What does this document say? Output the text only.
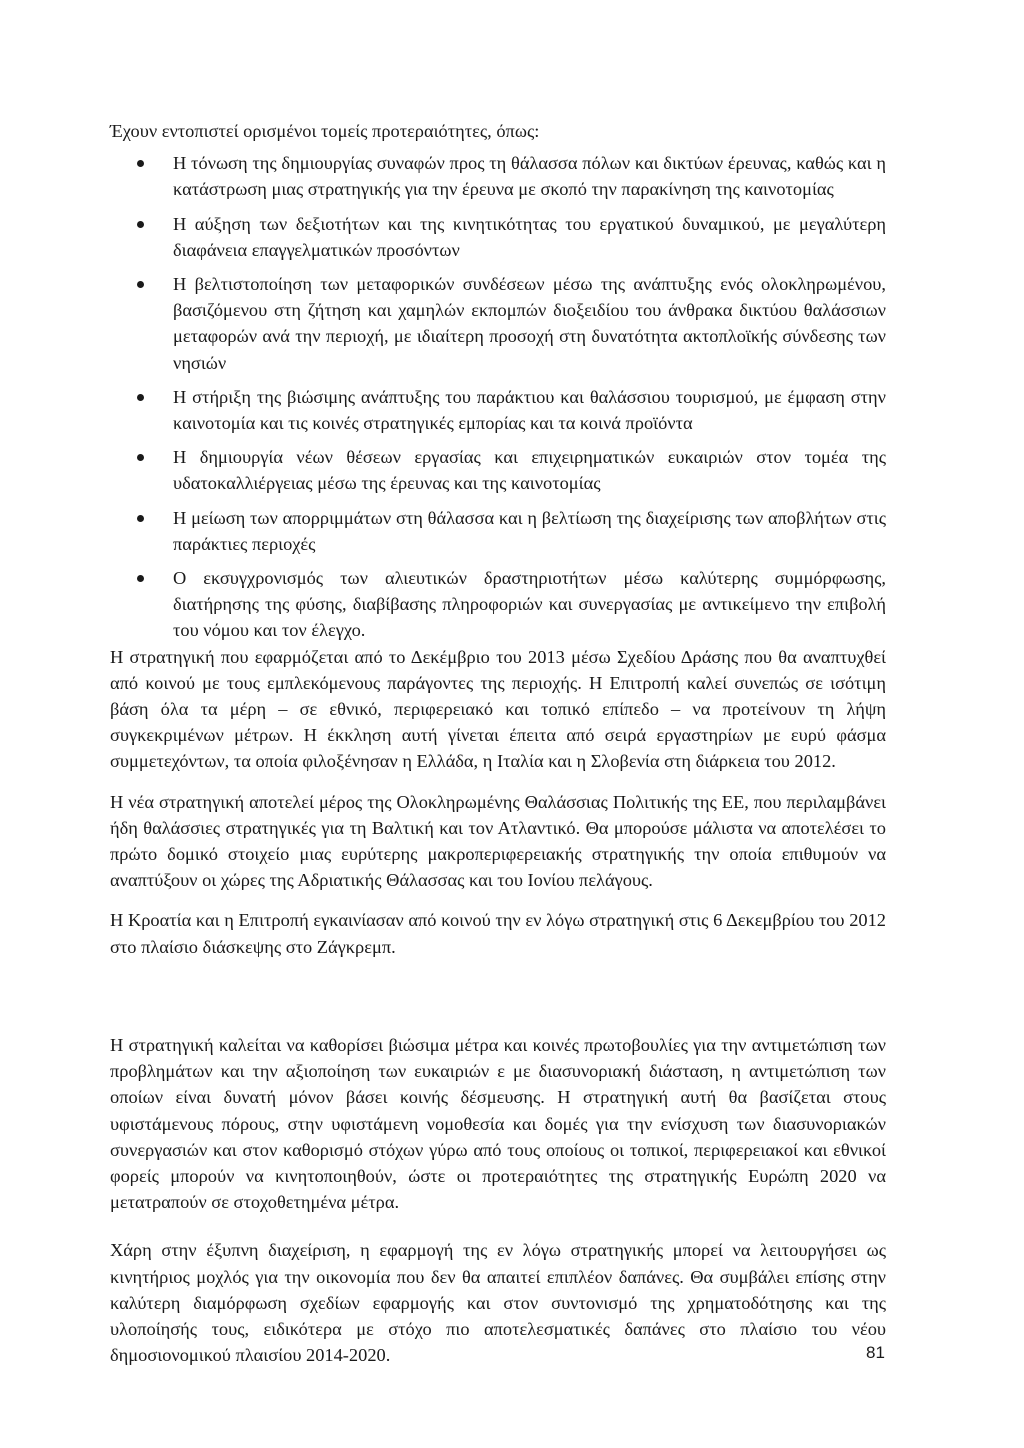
Έχουν εντοπιστεί ορισμένοι τομείς προτεραιότητες, όπως:

Η τόνωση της δημιουργίας συναφών προς τη θάλασσα πόλων και δικτύων έρευνας, καθώς και η κατάστρωση μιας στρατηγικής για την έρευνα με σκοπό την παρακίνηση της καινοτομίας
Η αύξηση των δεξιοτήτων και της κινητικότητας του εργατικού δυναμικού, με μεγαλύτερη διαφάνεια επαγγελματικών προσόντων
Η βελτιστοποίηση των μεταφορικών συνδέσεων μέσω της ανάπτυξης ενός ολοκληρωμένου, βασιζόμενου στη ζήτηση και χαμηλών εκπομπών διοξειδίου του άνθρακα δικτύου θαλάσσιων μεταφορών ανά την περιοχή, με ιδιαίτερη προσοχή στη δυνατότητα ακτοπλοϊκής σύνδεσης των νησιών
Η στήριξη της βιώσιμης ανάπτυξης του παράκτιου και θαλάσσιου τουρισμού, με έμφαση στην καινοτομία και τις κοινές στρατηγικές εμπορίας και τα κοινά προϊόντα
Η δημιουργία νέων θέσεων εργασίας και επιχειρηματικών ευκαιριών στον τομέα της υδατοκαλλιέργειας μέσω της έρευνας και της καινοτομίας
Η μείωση των απορριμμάτων στη θάλασσα και η βελτίωση της διαχείρισης των αποβλήτων στις παράκτιες περιοχές
Ο εκσυγχρονισμός των αλιευτικών δραστηριοτήτων μέσω καλύτερης συμμόρφωσης, διατήρησης της φύσης, διαβίβασης πληροφοριών και συνεργασίας με αντικείμενο την επιβολή του νόμου και τον έλεγχο.

Η στρατηγική που εφαρμόζεται από το Δεκέμβριο του 2013 μέσω Σχεδίου Δράσης που θα αναπτυχθεί από κοινού με τους εμπλεκόμενους παράγοντες της περιοχής. Η Επιτροπή καλεί συνεπώς σε ισότιμη βάση όλα τα μέρη – σε εθνικό, περιφερειακό και τοπικό επίπεδο – να προτείνουν τη λήψη συγκεκριμένων μέτρων. Η έκκληση αυτή γίνεται έπειτα από σειρά εργαστηρίων με ευρύ φάσμα συμμετεχόντων, τα οποία φιλοξένησαν η Ελλάδα, η Ιταλία και η Σλοβενία στη διάρκεια του 2012.

Η νέα στρατηγική αποτελεί μέρος της Ολοκληρωμένης Θαλάσσιας Πολιτικής της ΕΕ, που περιλαμβάνει ήδη θαλάσσιες στρατηγικές για τη Βαλτική και τον Ατλαντικό. Θα μπορούσε μάλιστα να αποτελέσει το πρώτο δομικό στοιχείο μιας ευρύτερης μακροπεριφερειακής στρατηγικής την οποία επιθυμούν να αναπτύξουν οι χώρες της Αδριατικής Θάλασσας και του Ιονίου πελάγους.

Η Κροατία και η Επιτροπή εγκαινίασαν από κοινού την εν λόγω στρατηγική στις 6 Δεκεμβρίου του 2012 στο πλαίσιο διάσκεψης στο Ζάγκρεμπ.

Η στρατηγική καλείται να καθορίσει βιώσιμα μέτρα και κοινές πρωτοβουλίες για την αντιμετώπιση των προβλημάτων και την αξιοποίηση των ευκαιριών ε με διασυνοριακή διάσταση, η αντιμετώπιση των οποίων είναι δυνατή μόνον βάσει κοινής δέσμευσης. Η στρατηγική αυτή θα βασίζεται στους υφιστάμενους πόρους, στην υφιστάμενη νομοθεσία και δομές για την ενίσχυση των διασυνοριακών συνεργασιών και στον καθορισμό στόχων γύρω από τους οποίους οι τοπικοί, περιφερειακοί και εθνικοί φορείς μπορούν να κινητοποιηθούν, ώστε οι προτεραιότητες της στρατηγικής Ευρώπη 2020 να μετατραπούν σε στοχοθετημένα μέτρα.

Χάρη στην έξυπνη διαχείριση, η εφαρμογή της εν λόγω στρατηγικής μπορεί να λειτουργήσει ως κινητήριος μοχλός για την οικονομία που δεν θα απαιτεί επιπλέον δαπάνες. Θα συμβάλει επίσης στην καλύτερη διαμόρφωση σχεδίων εφαρμογής και στον συντονισμό της χρηματοδότησης και της υλοποίησής τους, ειδικότερα με στόχο πιο αποτελεσματικές δαπάνες στο πλαίσιο του νέου δημοσιονομικού πλαισίου 2014-2020.	81
